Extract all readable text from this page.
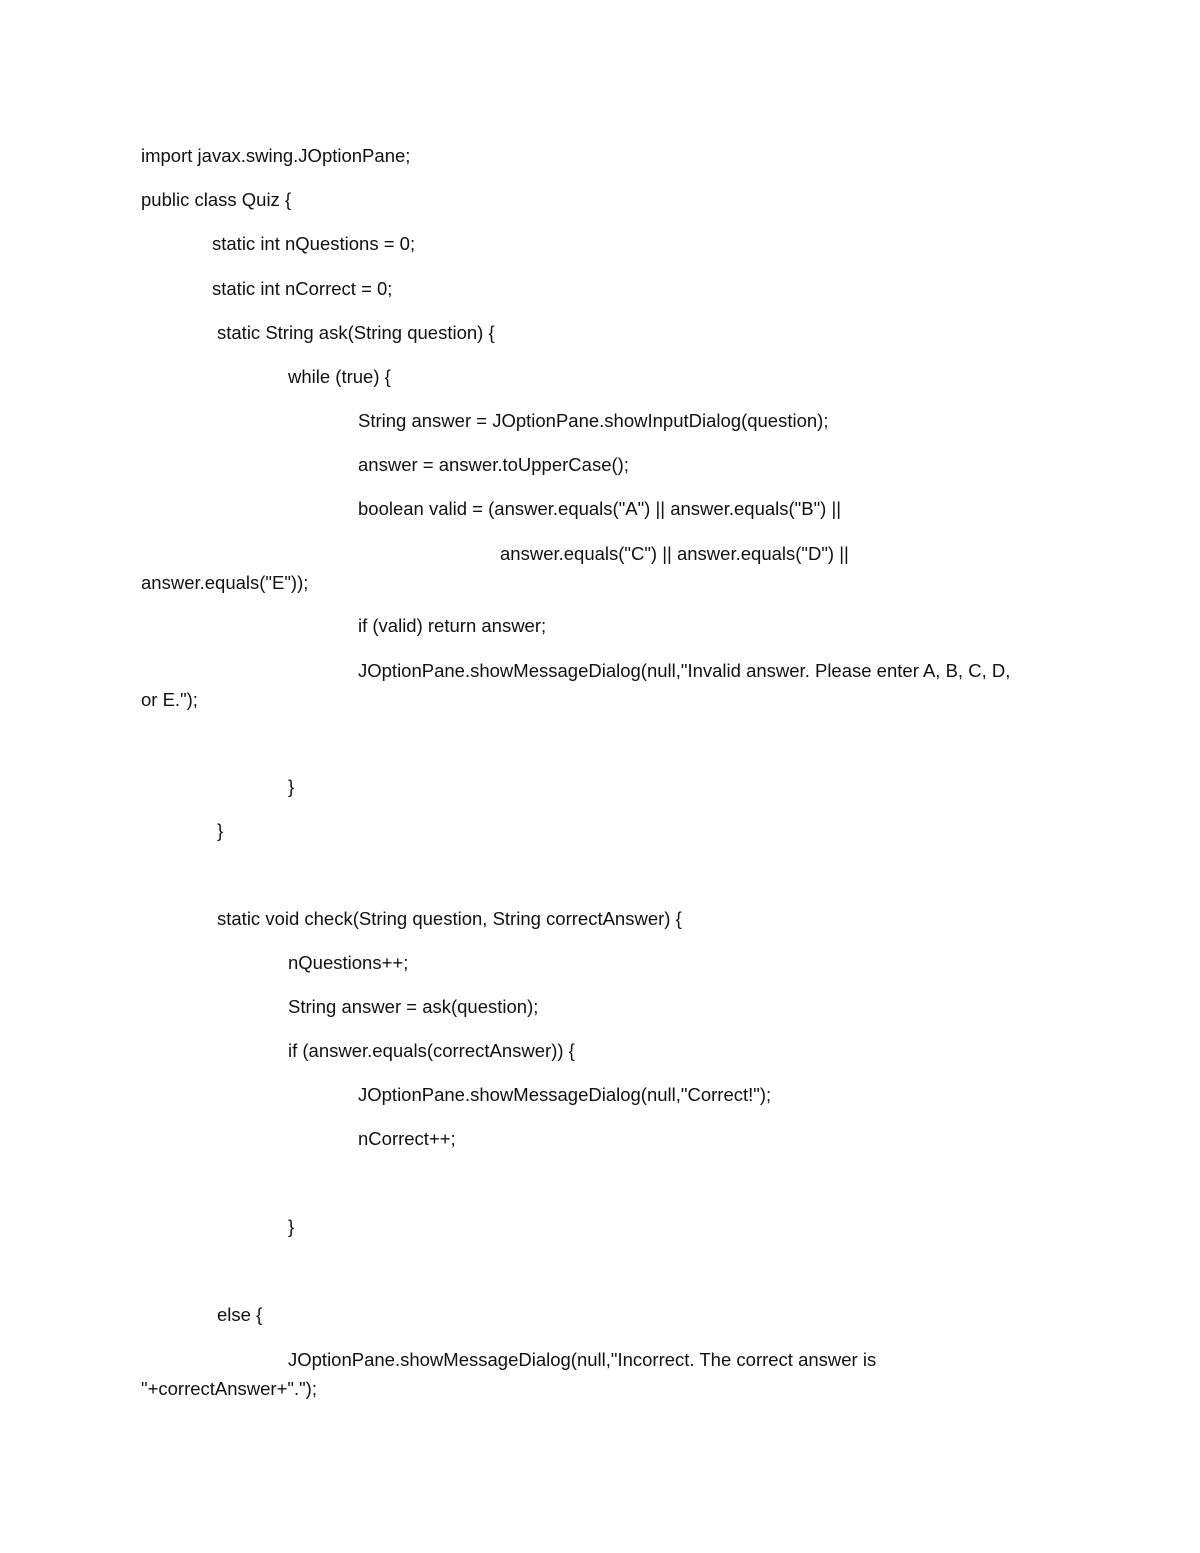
import javax.swing.JOptionPane;

public class Quiz {

static int nQuestions = 0;

static int nCorrect = 0;

static String ask(String question) {

while (true) {

String answer = JOptionPane.showInputDialog(question);

answer = answer.toUpperCase();

boolean valid = (answer.equals("A") || answer.equals("B") ||

answer.equals("C") || answer.equals("D") ||

answer.equals("E"));

if (valid) return answer;

JOptionPane.showMessageDialog(null,"Invalid answer. Please enter A, B, C, D,

or E.");

}

}

static void check(String question, String correctAnswer) {

nQuestions++;

String answer = ask(question);

if (answer.equals(correctAnswer)) {

JOptionPane.showMessageDialog(null,"Correct!");

nCorrect++;

}

else {

JOptionPane.showMessageDialog(null,"Incorrect. The correct answer is

"+correctAnswer+".");
